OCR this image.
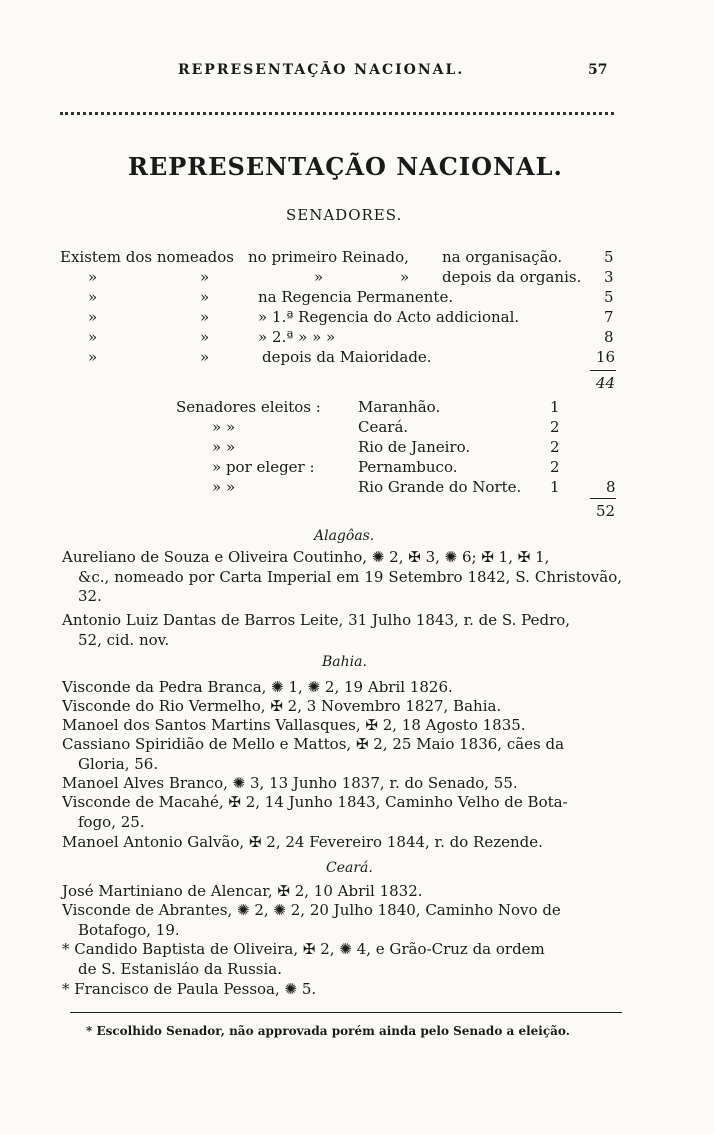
REPRESENTAÇÃO NACIONAL.	57
REPRESENTAÇÃO NACIONAL.
SENADORES.
Existem dos nomeados no primeiro Reinado, na organisação.	5
»	»	»	» depois da organis. 3
»	»	na Regencia Permanente.	5
»	»	» 1.ª Regencia do Acto addicional.	7
»	»	» 2.ª » » »	8
»	»	depois da Maioridade.	16
44
Senadores eleitos : Maranhão.	1
» »	Ceará.	2
» »	Rio de Janeiro.	2
» por eleger :	Pernambuco.	2
» »	Rio Grande do Norte. 1	8
52
Alagôas.
Aureliano de Souza e Oliveira Coutinho, ✺ 2, ✠ 3, ✺ 6; ✠ 1, ✠ 1,
&c., nomeado por Carta Imperial em 19 Setembro 1842, S. Christovão, 32.
Antonio Luiz Dantas de Barros Leite, 31 Julho 1843, r. de S. Pedro,
52, cid. nov.
Bahia.
Visconde da Pedra Branca, ✺ 1, ✺ 2, 19 Abril 1826.
Visconde do Rio Vermelho, ✠ 2, 3 Novembro 1827, Bahia.
Manoel dos Santos Martins Vallasques, ✠ 2, 18 Agosto 1835.
Cassiano Spiridião de Mello e Mattos, ✠ 2, 25 Maio 1836, cães da
Gloria, 56.
Manoel Alves Branco, ✺ 3, 13 Junho 1837, r. do Senado, 55.
Visconde de Macahé, ✠ 2, 14 Junho 1843, Caminho Velho de Bota-
fogo, 25.
Manoel Antonio Galvão, ✠ 2, 24 Fevereiro 1844, r. do Rezende.
Ceará.
José Martiniano de Alencar, ✠ 2, 10 Abril 1832.
Visconde de Abrantes, ✺ 2, ✺ 2, 20 Julho 1840, Caminho Novo de
Botafogo, 19.
* Candido Baptista de Oliveira, ✠ 2, ✺ 4, e Grão-Cruz da ordem
de S. Estanisláo da Russia.
* Francisco de Paula Pessoa, ✺ 5.
* Escolhido Senador, não approvada porém ainda pelo Senado a eleição.
